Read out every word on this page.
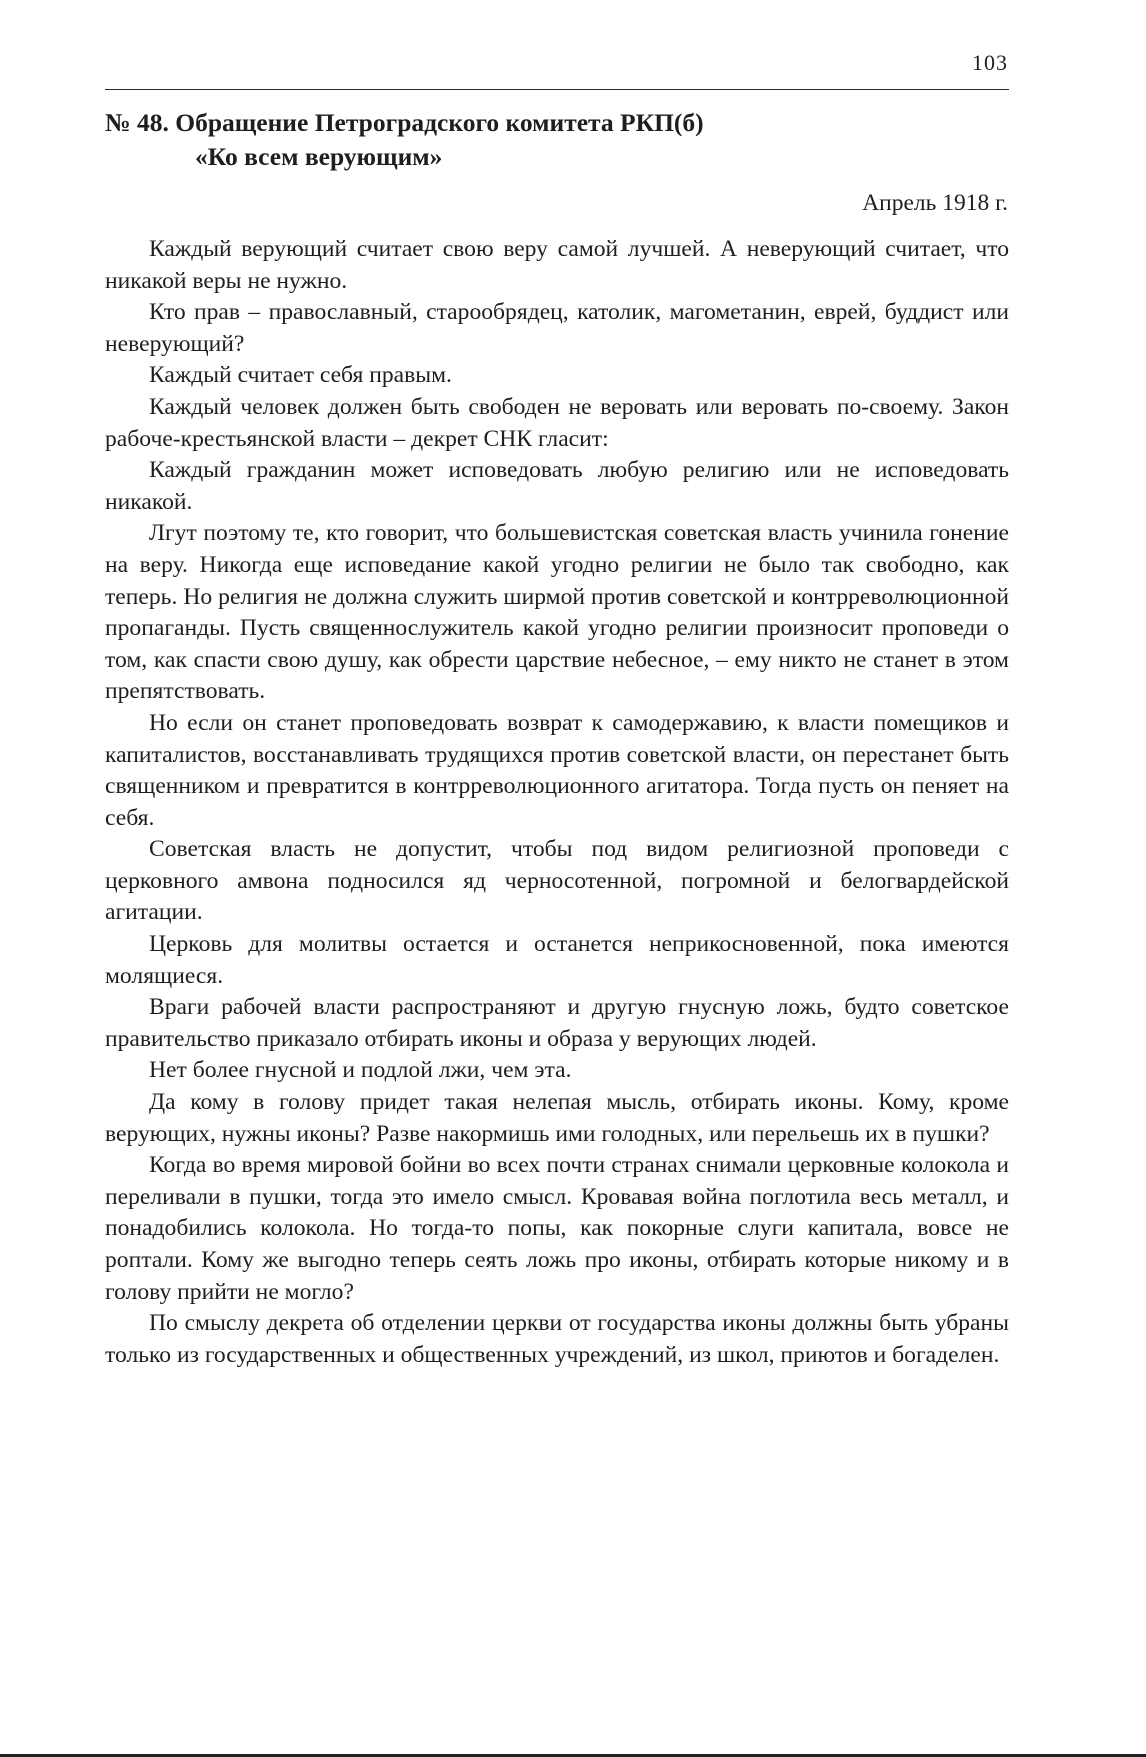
103
№ 48. Обращение Петроградского комитета РКП(б)
«Ко всем верующим»
Апрель 1918 г.

Каждый верующий считает свою веру самой лучшей. А неверующий считает, что никакой веры не нужно.

Кто прав – православный, старообрядец, католик, магометанин, еврей, буддист или неверующий?

Каждый считает себя правым.

Каждый человек должен быть свободен не веровать или веровать по-своему. Закон рабоче-крестьянской власти – декрет СНК гласит:

Каждый гражданин может исповедовать любую религию или не исповедовать никакой.

Лгут поэтому те, кто говорит, что большевистская советская власть учинила гонение на веру. Никогда еще исповедание какой угодно религии не было так свободно, как теперь. Но религия не должна служить ширмой против советской и контрреволюционной пропаганды. Пусть священнослужитель какой угодно религии произносит проповеди о том, как спасти свою душу, как обрести царствие небесное, – ему никто не станет в этом препятствовать.

Но если он станет проповедовать возврат к самодержавию, к власти помещиков и капиталистов, восстанавливать трудящихся против советской власти, он перестанет быть священником и превратится в контрреволюционного агитатора. Тогда пусть он пеняет на себя.

Советская власть не допустит, чтобы под видом религиозной проповеди с церковного амвона подносился яд черносотенной, погромной и белогвардейской агитации.

Церковь для молитвы остается и останется неприкосновенной, пока имеются молящиеся.

Враги рабочей власти распространяют и другую гнусную ложь, будто советское правительство приказало отбирать иконы и образа у верующих людей.

Нет более гнусной и подлой лжи, чем эта.

Да кому в голову придет такая нелепая мысль, отбирать иконы. Кому, кроме верующих, нужны иконы? Разве накормишь ими голодных, или перельешь их в пушки?

Когда во время мировой бойни во всех почти странах снимали церковные колокола и переливали в пушки, тогда это имело смысл. Кровавая война поглотила весь металл, и понадобились колокола. Но тогда-то попы, как покорные слуги капитала, вовсе не роптали. Кому же выгодно теперь сеять ложь про иконы, отбирать которые никому и в голову прийти не могло?

По смыслу декрета об отделении церкви от государства иконы должны быть убраны только из государственных и общественных учреждений, из школ, приютов и богаделен.
